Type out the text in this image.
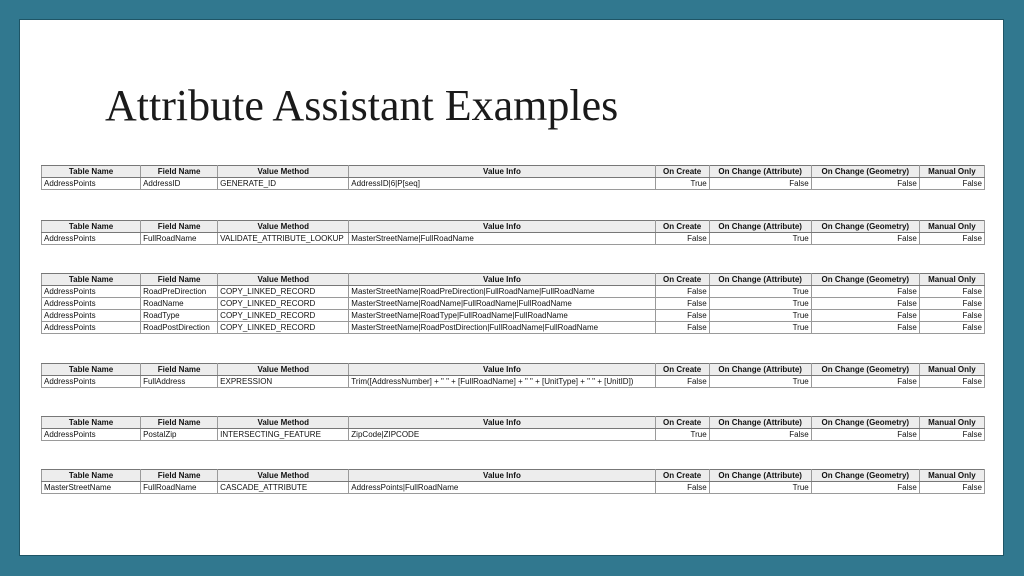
Attribute Assistant Examples
Table Name	Field Name	Value Method	Value Info	On Create	On Change (Attribute)	On Change (Geometry)	Manual Only
AddressPoints	AddressID	GENERATE_ID	AddressID|6|P[seq]	True	False	False	False
Table Name	Field Name	Value Method	Value Info	On Create	On Change (Attribute)	On Change (Geometry)	Manual Only
AddressPoints	FullRoadName	VALIDATE_ATTRIBUTE_LOOKUP	MasterStreetName|FullRoadName	False	True	False	False
Table Name	Field Name	Value Method	Value Info	On Create	On Change (Attribute)	On Change (Geometry)	Manual Only
AddressPoints	RoadPreDirection	COPY_LINKED_RECORD	MasterStreetName|RoadPreDirection|FullRoadName|FullRoadName	False	True	False	False
AddressPoints	RoadName	COPY_LINKED_RECORD	MasterStreetName|RoadName|FullRoadName|FullRoadName	False	True	False	False
AddressPoints	RoadType	COPY_LINKED_RECORD	MasterStreetName|RoadType|FullRoadName|FullRoadName	False	True	False	False
AddressPoints	RoadPostDirection	COPY_LINKED_RECORD	MasterStreetName|RoadPostDirection|FullRoadName|FullRoadName	False	True	False	False
Table Name	Field Name	Value Method	Value Info	On Create	On Change (Attribute)	On Change (Geometry)	Manual Only
AddressPoints	FullAddress	EXPRESSION	Trim([AddressNumber] + " " + [FullRoadName] + " " + [UnitType] + " " + [UnitID])	False	True	False	False
Table Name	Field Name	Value Method	Value Info	On Create	On Change (Attribute)	On Change (Geometry)	Manual Only
AddressPoints	PostalZip	INTERSECTING_FEATURE	ZipCode|ZIPCODE	True	False	False	False
Table Name	Field Name	Value Method	Value Info	On Create	On Change (Attribute)	On Change (Geometry)	Manual Only
MasterStreetName	FullRoadName	CASCADE_ATTRIBUTE	AddressPoints|FullRoadName	False	True	False	False
